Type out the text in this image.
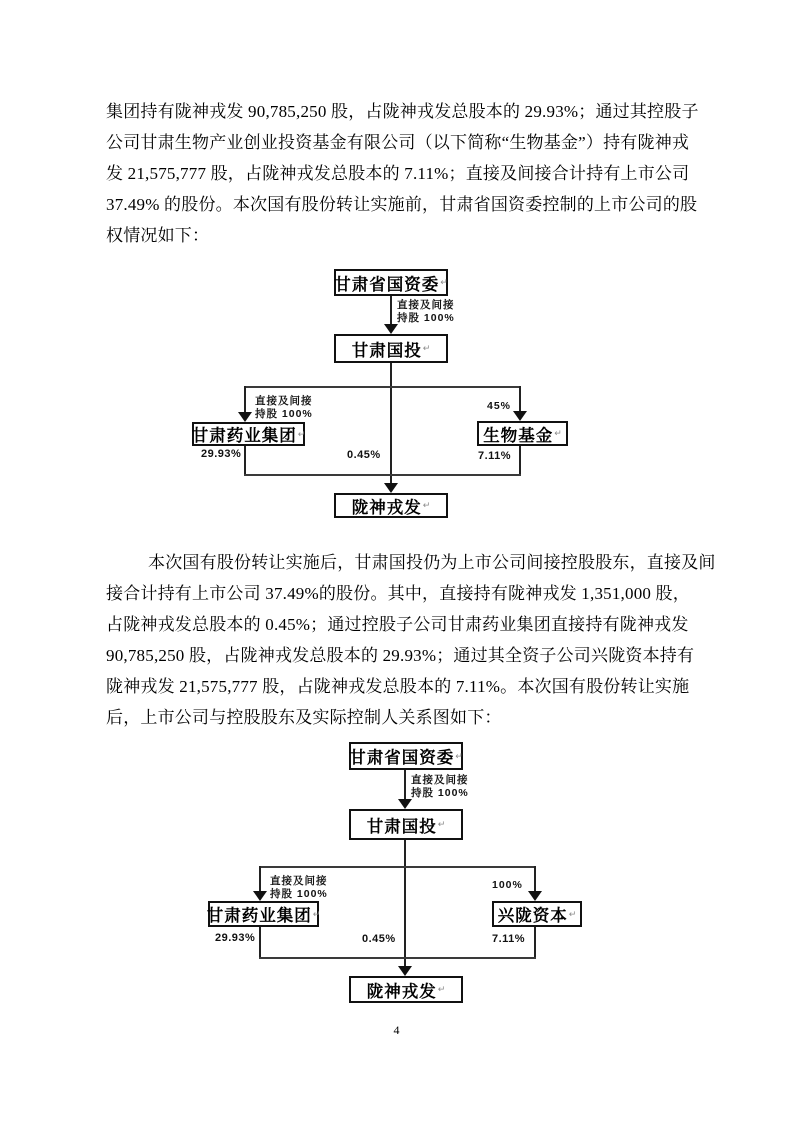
集团持有陇神戎发 90,785,250 股，占陇神戎发总股本的 29.93%；通过其控股子
公司甘肃生物产业创业投资基金有限公司（以下简称“生物基金”）持有陇神戎
发 21,575,777 股，占陇神戎发总股本的 7.11%；直接及间接合计持有上市公司
37.49% 的股份。本次国有股份转让实施前，甘肃省国资委控制的上市公司的股
权情况如下：
甘肃省国资委 ↵
直接及间接
持股 100%
甘肃国投 ↵
直接及间接
持股 100%
45%
甘肃药业集团 ↵	生物基金 ↵
29.93%	0.45%	7.11%
陇神戎发 ↵
本次国有股份转让实施后，甘肃国投仍为上市公司间接控股股东，直接及间
接合计持有上市公司 37.49%的股份。其中，直接持有陇神戎发 1,351,000 股，
占陇神戎发总股本的 0.45%；通过控股子公司甘肃药业集团直接持有陇神戎发
90,785,250 股，占陇神戎发总股本的 29.93%；通过其全资子公司兴陇资本持有
陇神戎发 21,575,777 股，占陇神戎发总股本的 7.11%。本次国有股份转让实施
后，上市公司与控股股东及实际控制人关系图如下：
甘肃省国资委 ↵
直接及间接
持股 100%
甘肃国投 ↵
直接及间接
持股 100%
100%
甘肃药业集团 ↵	兴陇资本 ↵
29.93%	0.45%	7.11%
陇神戎发 ↵
4
